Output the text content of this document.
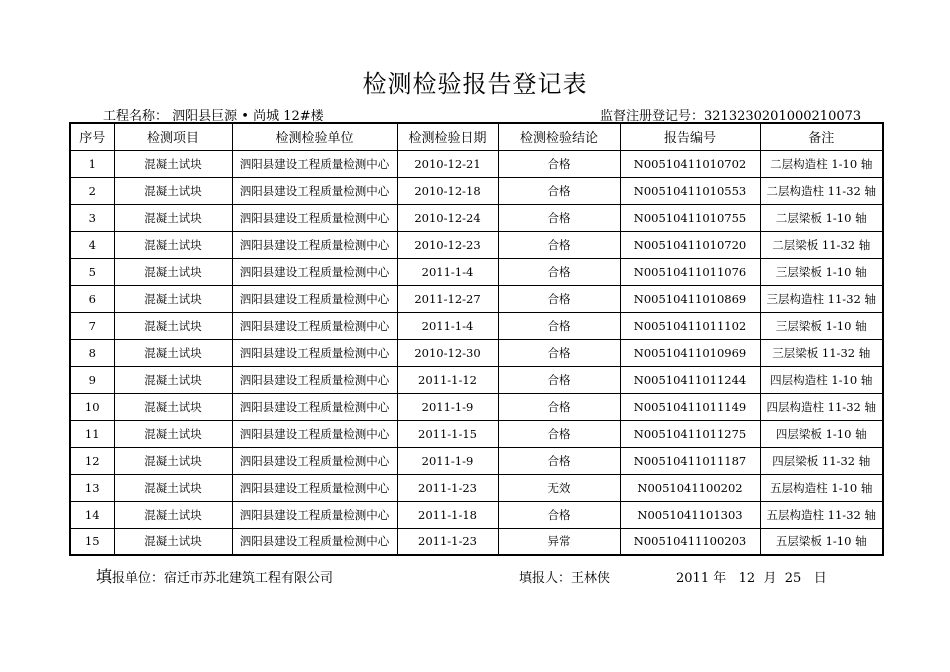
检测检验报告登记表
工程名称： 泗阳县巨源 • 尚城 12#楼	监督注册登记号：3213230201000210073
序号	检测项目	检测检验单位	检测检验日期	检测检验结论	报告编号	备注
1	混凝土试块	泗阳县建设工程质量检测中心	2010-12-21	合格	N00510411010702	二层构造柱 1-10 轴
2	混凝土试块	泗阳县建设工程质量检测中心	2010-12-18	合格	N00510411010553	二层构造柱 11-32 轴
3	混凝土试块	泗阳县建设工程质量检测中心	2010-12-24	合格	N00510411010755	二层梁板 1-10 轴
4	混凝土试块	泗阳县建设工程质量检测中心	2010-12-23	合格	N00510411010720	二层梁板 11-32 轴
5	混凝土试块	泗阳县建设工程质量检测中心	2011-1-4	合格	N00510411011076	三层梁板 1-10 轴
6	混凝土试块	泗阳县建设工程质量检测中心	2011-12-27	合格	N00510411010869	三层构造柱 11-32 轴
7	混凝土试块	泗阳县建设工程质量检测中心	2011-1-4	合格	N00510411011102	三层梁板 1-10 轴
8	混凝土试块	泗阳县建设工程质量检测中心	2010-12-30	合格	N00510411010969	三层梁板 11-32 轴
9	混凝土试块	泗阳县建设工程质量检测中心	2011-1-12	合格	N00510411011244	四层构造柱 1-10 轴
10	混凝土试块	泗阳县建设工程质量检测中心	2011-1-9	合格	N00510411011149	四层构造柱 11-32 轴
11	混凝土试块	泗阳县建设工程质量检测中心	2011-1-15	合格	N00510411011275	四层梁板 1-10 轴
12	混凝土试块	泗阳县建设工程质量检测中心	2011-1-9	合格	N00510411011187	四层梁板 11-32 轴
13	混凝土试块	泗阳县建设工程质量检测中心	2011-1-23	无效	N0051041100202	五层构造柱 1-10 轴
14	混凝土试块	泗阳县建设工程质量检测中心	2011-1-18	合格	N0051041101303	五层构造柱 11-32 轴
15	混凝土试块	泗阳县建设工程质量检测中心	2011-1-23	异常	N00510411100203	五层梁板 1-10 轴
填报单位：宿迁市苏北建筑工程有限公司	填报人：王林侠	2011 年 12 月 25 日
